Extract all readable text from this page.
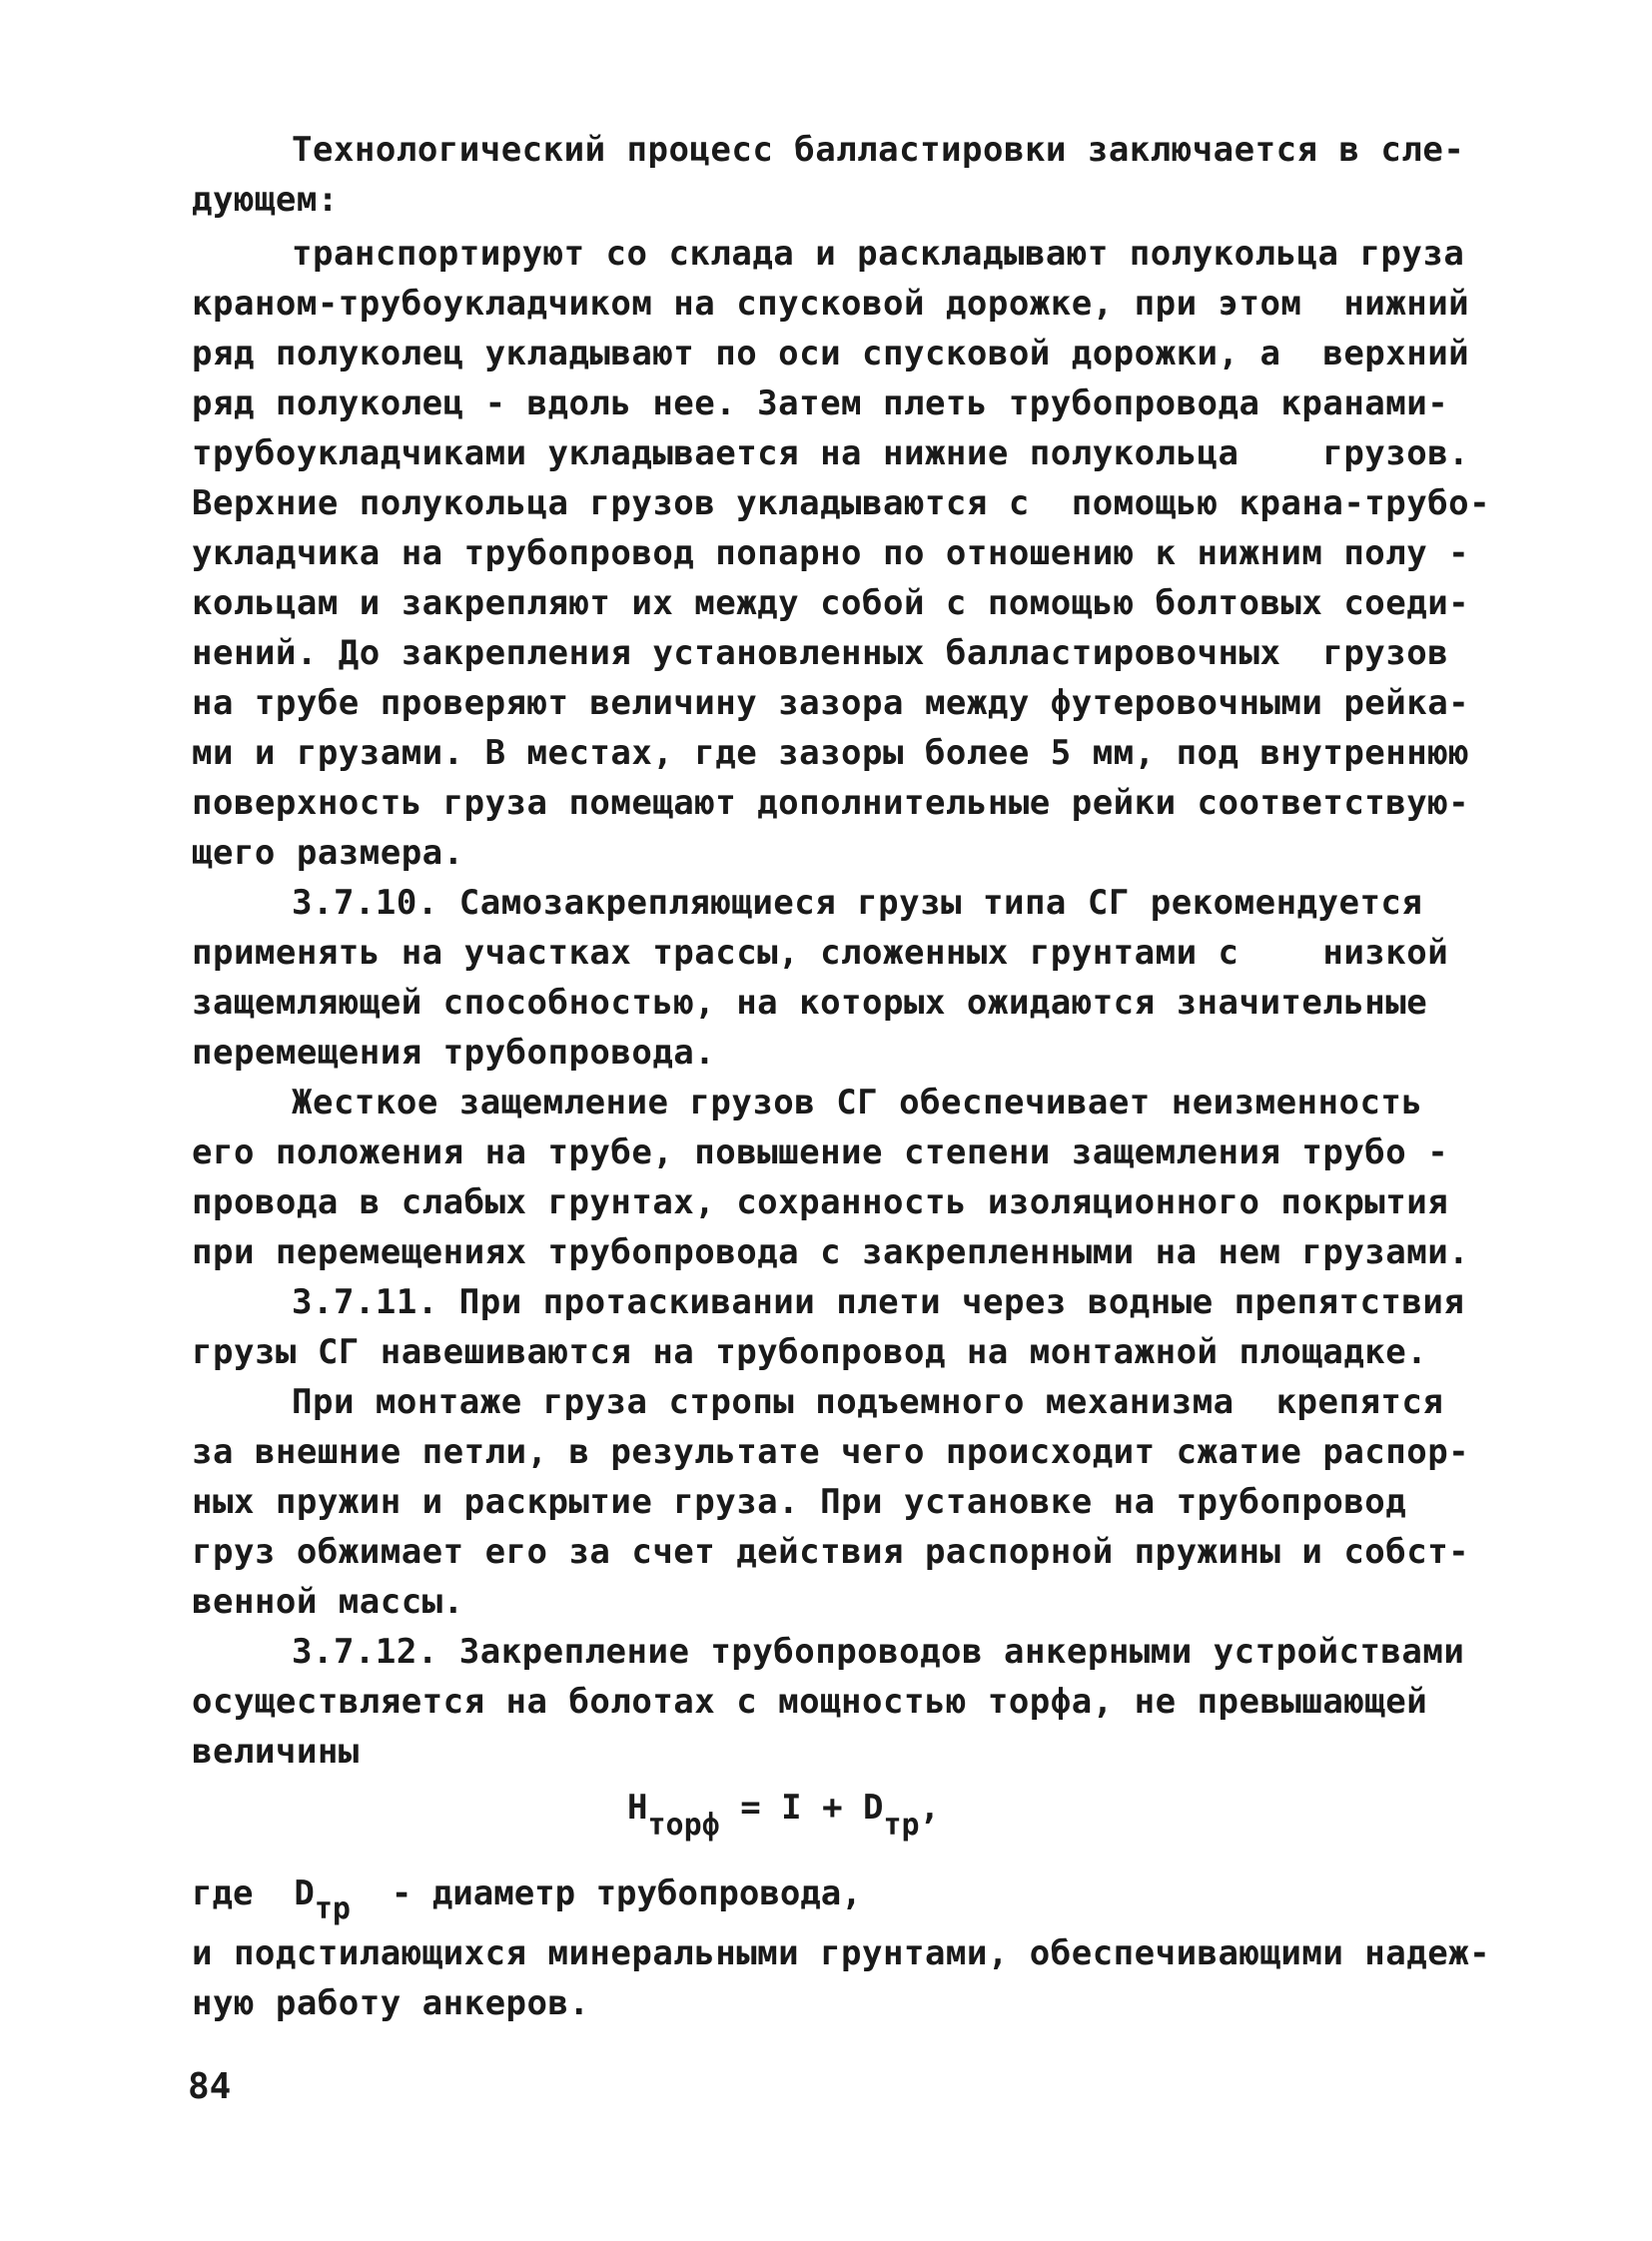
Технологический процесс балластировки заключается в сле-
дующем:
транспортируют со склада и раскладывают полукольца груза
краном-трубоукладчиком на спусковой дорожке, при этом  нижний
ряд полуколец укладывают по оси спусковой дорожки, а  верхний
ряд полуколец - вдоль нее. Затем плеть трубопровода кранами-
трубоукладчиками укладывается на нижние полукольца    грузов.
Верхние полукольца грузов укладываются с  помощью крана-трубо-
укладчика на трубопровод попарно по отношению к нижним полу -
кольцам и закрепляют их между собой с помощью болтовых соеди-
нений. До закрепления установленных балластировочных  грузов
на трубе проверяют величину зазора между футеровочными рейка-
ми и грузами. В местах, где зазоры более 5 мм, под внутреннюю
поверхность груза помещают дополнительные рейки соответствую-
щего размера.
3.7.10. Самозакрепляющиеся грузы типа СГ рекомендуется
применять на участках трассы, сложенных грунтами с    низкой
защемляющей способностью, на которых ожидаются значительные
перемещения трубопровода.
Жесткое защемление грузов СГ обеспечивает неизменность
его положения на трубе, повышение степени защемления трубо -
провода в слабых грунтах, сохранность изоляционного покрытия
при перемещениях трубопровода с закрепленными на нем грузами.
3.7.11. При протаскивании плети через водные препятствия
грузы СГ навешиваются на трубопровод на монтажной площадке.
При монтаже груза стропы подъемного механизма  крепятся
за внешние петли, в результате чего происходит сжатие распор-
ных пружин и раскрытие груза. При установке на трубопровод
груз обжимает его за счет действия распорной пружины и собст-
венной массы.
3.7.12. Закрепление трубопроводов анкерными устройствами
осуществляется на болотах с мощностью торфа, не превышающей
величины
Hторф = I + Dтр,
где  Dтр  - диаметр трубопровода,
и подстилающихся минеральными грунтами, обеспечивающими надеж-
ную работу анкеров.
84
